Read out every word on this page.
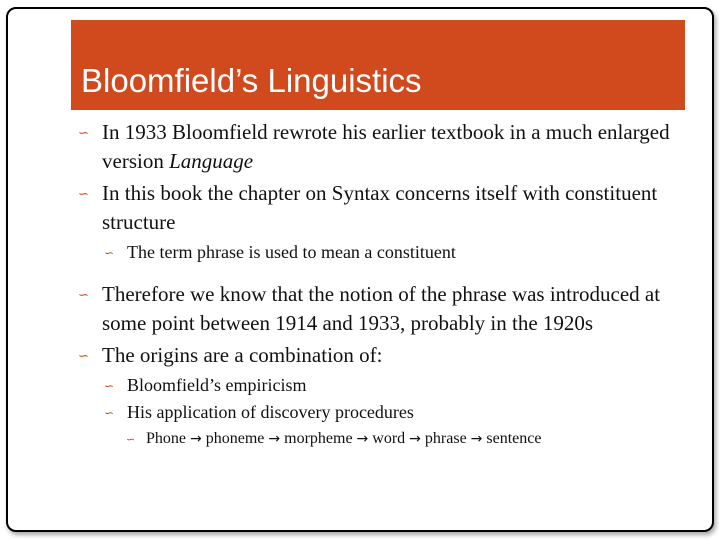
Bloomfield’s Linguistics
∽ In 1933 Bloomfield rewrote his earlier textbook in a much enlarged version Language
∽ In this book the chapter on Syntax concerns itself with constituent structure
∽ The term phrase is used to mean a constituent
∽ Therefore we know that the notion of the phrase was introduced at some point between 1914 and 1933, probably in the 1920s
∽ The origins are a combination of:
∽ Bloomfield’s empiricism
∽ His application of discovery procedures
∽ Phone → phoneme → morpheme → word → phrase → sentence
